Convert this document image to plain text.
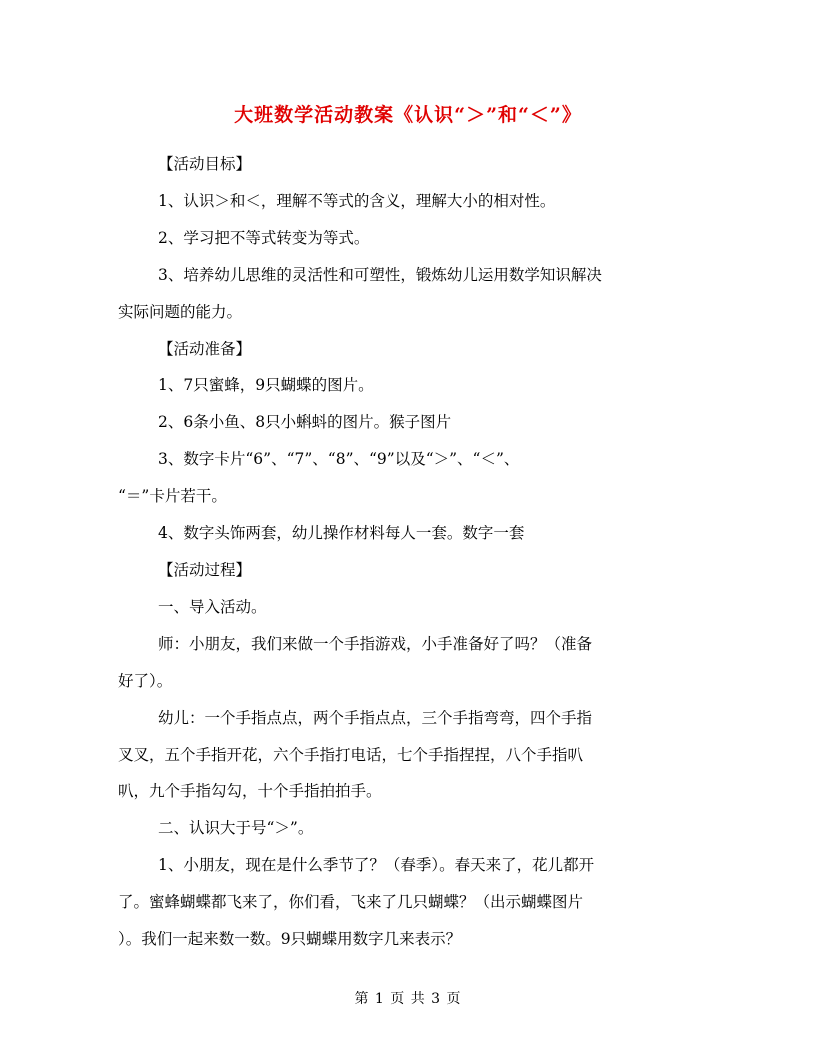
大班数学活动教案《认识“＞”和“＜”》

【活动目标】

1、认识＞和＜，理解不等式的含义，理解大小的相对性。

2、学习把不等式转变为等式。

3、培养幼儿思维的灵活性和可塑性，锻炼幼儿运用数学知识解决

实际问题的能力。

【活动准备】

1、7只蜜蜂，9只蝴蝶的图片。

2、6条小鱼、8只小蝌蚪的图片。猴子图片

3、数字卡片“6”、“7”、“8”、“9”以及“＞”、“＜”、

“＝”卡片若干。

4、数字头饰两套，幼儿操作材料每人一套。数字一套

【活动过程】

一、导入活动。

师：小朋友，我们来做一个手指游戏，小手准备好了吗？（准备

好了）。

幼儿：一个手指点点，两个手指点点，三个手指弯弯，四个手指

叉叉，五个手指开花，六个手指打电话，七个手指捏捏，八个手指叭

叭，九个手指勾勾，十个手指拍拍手。

二、认识大于号“＞”。

1、小朋友，现在是什么季节了？（春季）。春天来了，花儿都开

了。蜜蜂蝴蝶都飞来了，你们看，飞来了几只蝴蝶？（出示蝴蝶图片

）。我们一起来数一数。9只蝴蝶用数字几来表示？

第 1 页 共 3 页
